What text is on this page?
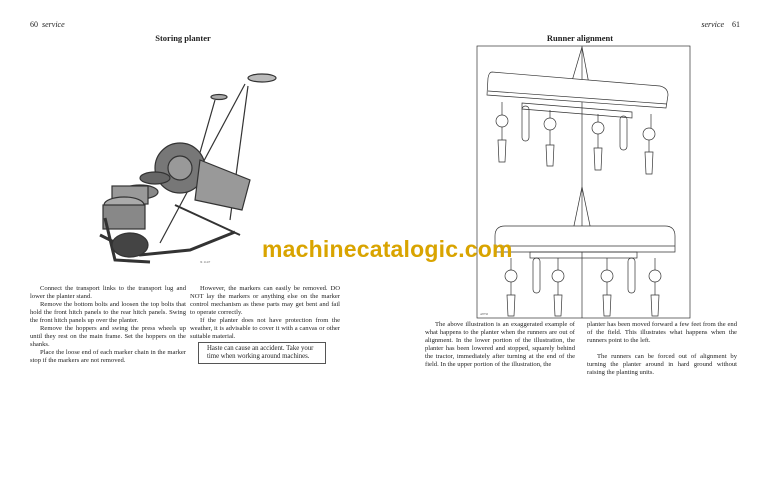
60 service	service 61
Storing planter	Runner alignment
X 1147
A8750
machinecatalogic.com

Connect the transport links to the transport lug and lower the planter stand.

Remove the bottom bolts and loosen the top bolts that hold the front hitch panels to the rear hitch panels. Swing the front hitch panels up over the planter.

Remove the hoppers and swing the press wheels up until they rest on the main frame. Set the hoppers on the shanks.

Place the loose end of each marker chain in the marker stop if the markers are not removed.

However, the markers can easily be removed. DO NOT lay the markers or anything else on the marker control mechanism as these parts may get bent and fail to operate correctly.

If the planter does not have protection from the weather, it is advisable to cover it with a canvas or other suitable material.

Haste can cause an accident. Take your time when working around machines.

The above illustration is an exaggerated example of what happens to the planter when the runners are out of alignment. In the lower portion of the illustration, the planter has been lowered and stopped, squarely behind the tractor, immediately after turning at the end of the field. In the upper portion of the illustration, the

planter has been moved forward a few feet from the end of the field. This illustrates what happens when the runners point to the left.

The runners can be forced out of alignment by turning the planter around in hard ground without raising the planting units.
